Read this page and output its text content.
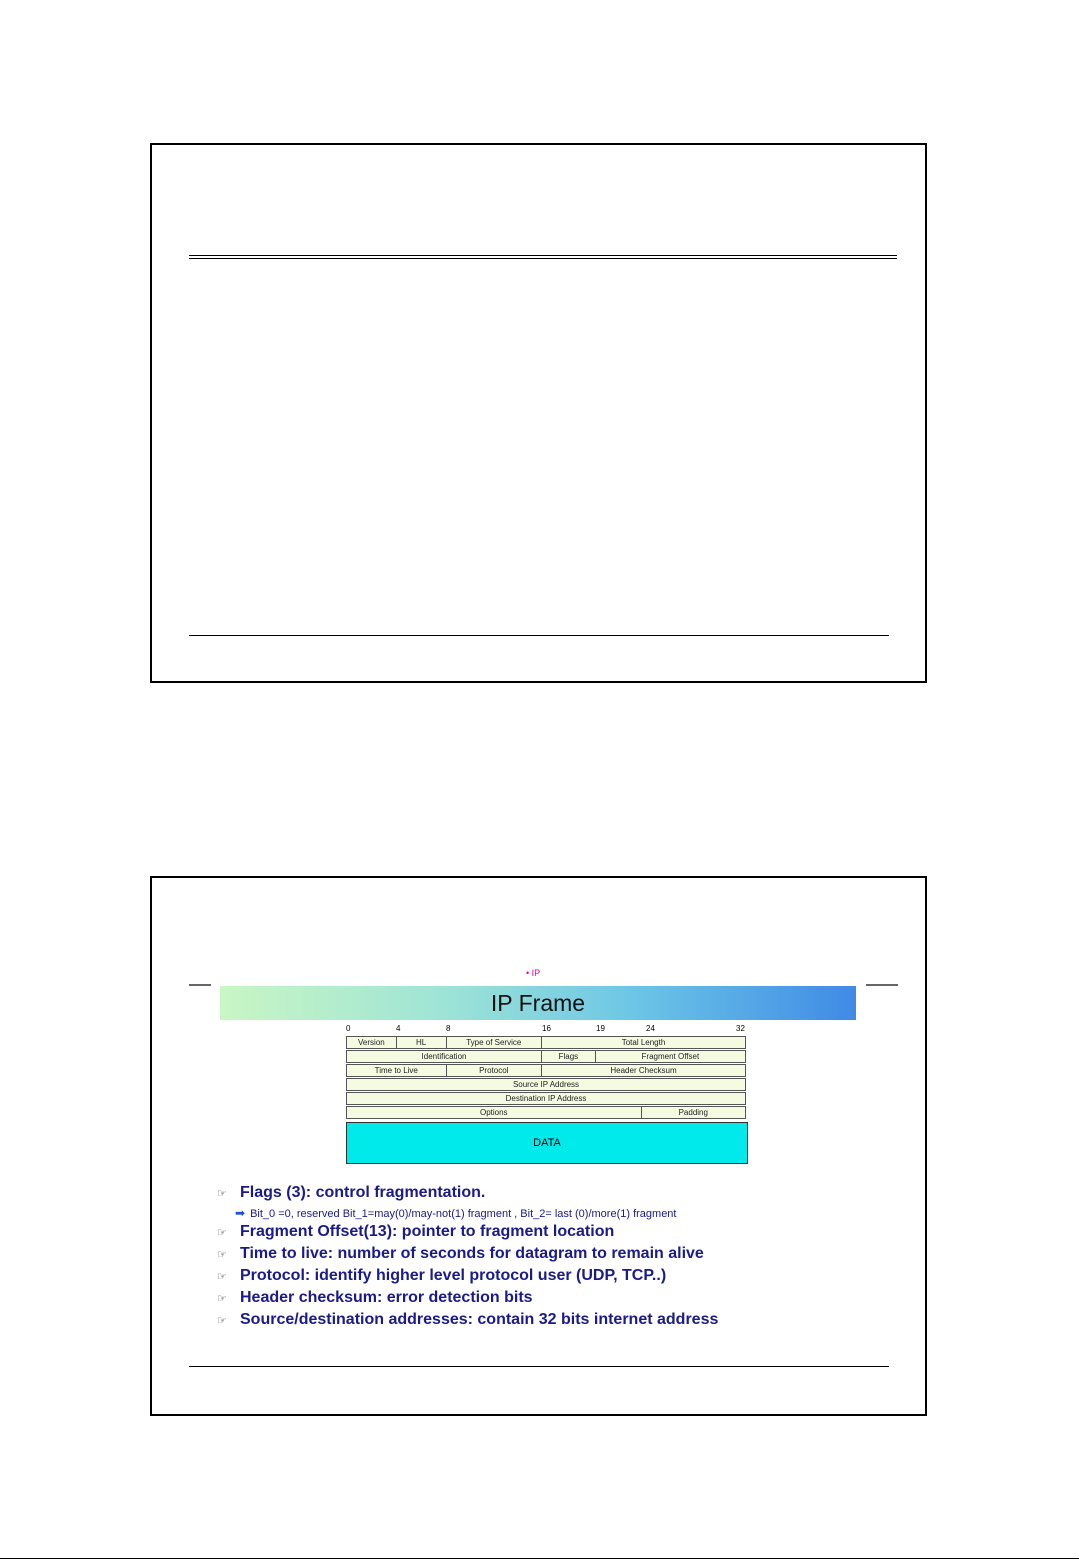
• IP
IP Frame
0	4	8	16	19	24	32
Version	HL	Type of Service	Total Length
Identification	Flags	Fragment Offset
Time to Live	Protocol	Header Checksum
Source IP Address
Destination IP Address
Options	Padding
DATA
☞ Flags (3): control fragmentation.
➡ Bit_0 =0, reserved Bit_1=may(0)/may-not(1) fragment , Bit_2= last (0)/more(1) fragment
☞ Fragment Offset(13): pointer to fragment location
☞ Time to live: number of seconds for datagram to remain alive
☞ Protocol: identify higher level protocol user (UDP, TCP..)
☞ Header checksum: error detection bits
☞ Source/destination addresses: contain 32 bits internet address
